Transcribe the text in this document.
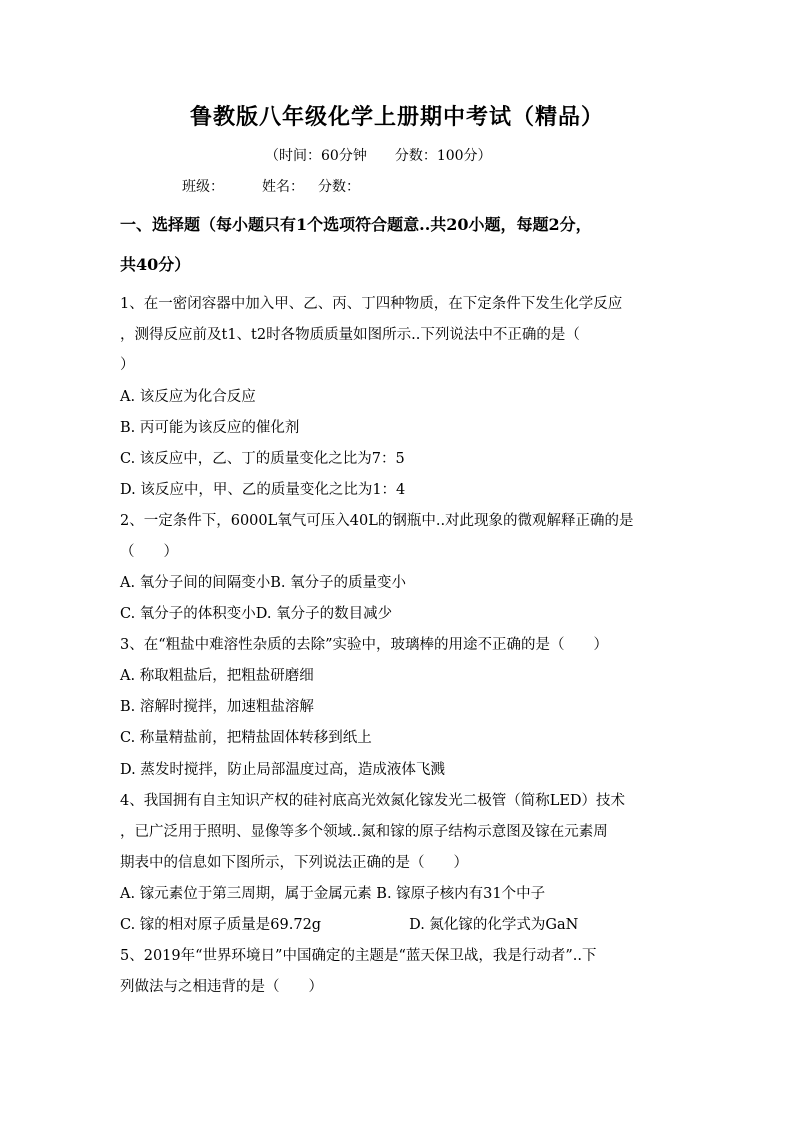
鲁教版八年级化学上册期中考试（精品）
（时间：60分钟 分数：100分）
班级：	姓名： 分数：
一、选择题（每小题只有1个选项符合题意..共20小题，每题2分，
共40分）
1、在一密闭容器中加入甲、乙、丙、丁四种物质，在下定条件下发生化学反应
，测得反应前及t1、t2时各物质质量如图所示..下列说法中不正确的是（
）
A. 该反应为化合反应
B. 丙可能为该反应的催化剂
C. 该反应中，乙、丁的质量变化之比为7：5
D. 该反应中，甲、乙的质量变化之比为1：4
2、一定条件下，6000L氧气可压入40L的钢瓶中..对此现象的微观解释正确的是
（　　）
A. 氧分子间的间隔变小B. 氧分子的质量变小
C. 氧分子的体积变小D. 氧分子的数目减少
3、在“粗盐中难溶性杂质的去除”实验中，玻璃棒的用途不正确的是（　　）
A. 称取粗盐后，把粗盐研磨细
B. 溶解时搅拌，加速粗盐溶解
C. 称量精盐前，把精盐固体转移到纸上
D. 蒸发时搅拌，防止局部温度过高，造成液体飞溅
4、我国拥有自主知识产权的硅衬底高光效氮化镓发光二极管（简称LED）技术
，已广泛用于照明、显像等多个领域..氮和镓的原子结构示意图及镓在元素周
期表中的信息如下图所示，下列说法正确的是（　　）
A. 镓元素位于第三周期，属于金属元素 B. 镓原子核内有31个中子
C. 镓的相对原子质量是69.72g	D. 氮化镓的化学式为GaN
5、2019年“世界环境日”中国确定的主题是“蓝天保卫战，我是行动者”..下
列做法与之相违背的是（　　）
